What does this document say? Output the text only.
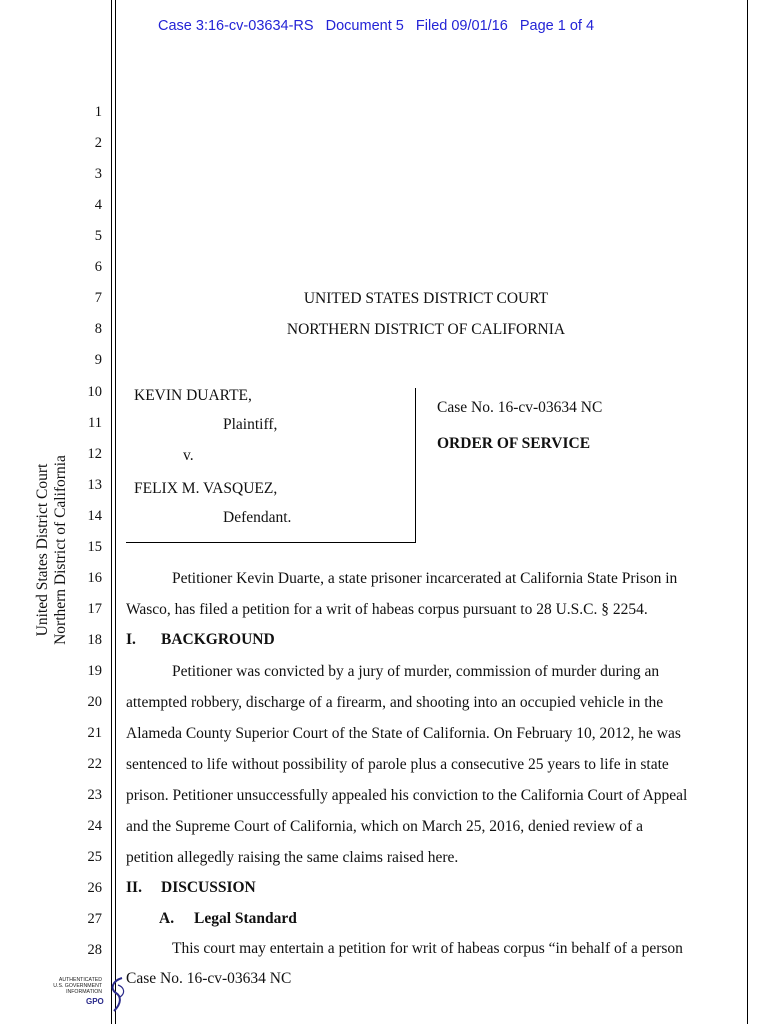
Case 3:16-cv-03634-RS   Document 5   Filed 09/01/16   Page 1 of 4
United States District Court Northern District of California
1
2
3
4
5
6
7
8
9
10
11
12
13
14
15
16
17
18
19
20
21
22
23
24
25
26
27
28
UNITED STATES DISTRICT COURT
NORTHERN DISTRICT OF CALIFORNIA
KEVIN DUARTE,
Plaintiff,
v.
FELIX M. VASQUEZ,
Defendant.
Case No. 16-cv-03634 NC
ORDER OF SERVICE
Petitioner Kevin Duarte, a state prisoner incarcerated at California State Prison in
Wasco, has filed a petition for a writ of habeas corpus pursuant to 28 U.S.C. § 2254.
I. BACKGROUND
Petitioner was convicted by a jury of murder, commission of murder during an
attempted robbery, discharge of a firearm, and shooting into an occupied vehicle in the
Alameda County Superior Court of the State of California. On February 10, 2012, he was
sentenced to life without possibility of parole plus a consecutive 25 years to life in state
prison. Petitioner unsuccessfully appealed his conviction to the California Court of Appeal
and the Supreme Court of California, which on March 25, 2016, denied review of a
petition allegedly raising the same claims raised here.
II. DISCUSSION
A. Legal Standard
This court may entertain a petition for writ of habeas corpus “in behalf of a person
Case No. 16-cv-03634 NC
AUTHENTICATED
U.S. GOVERNMENT
INFORMATION
GPO
